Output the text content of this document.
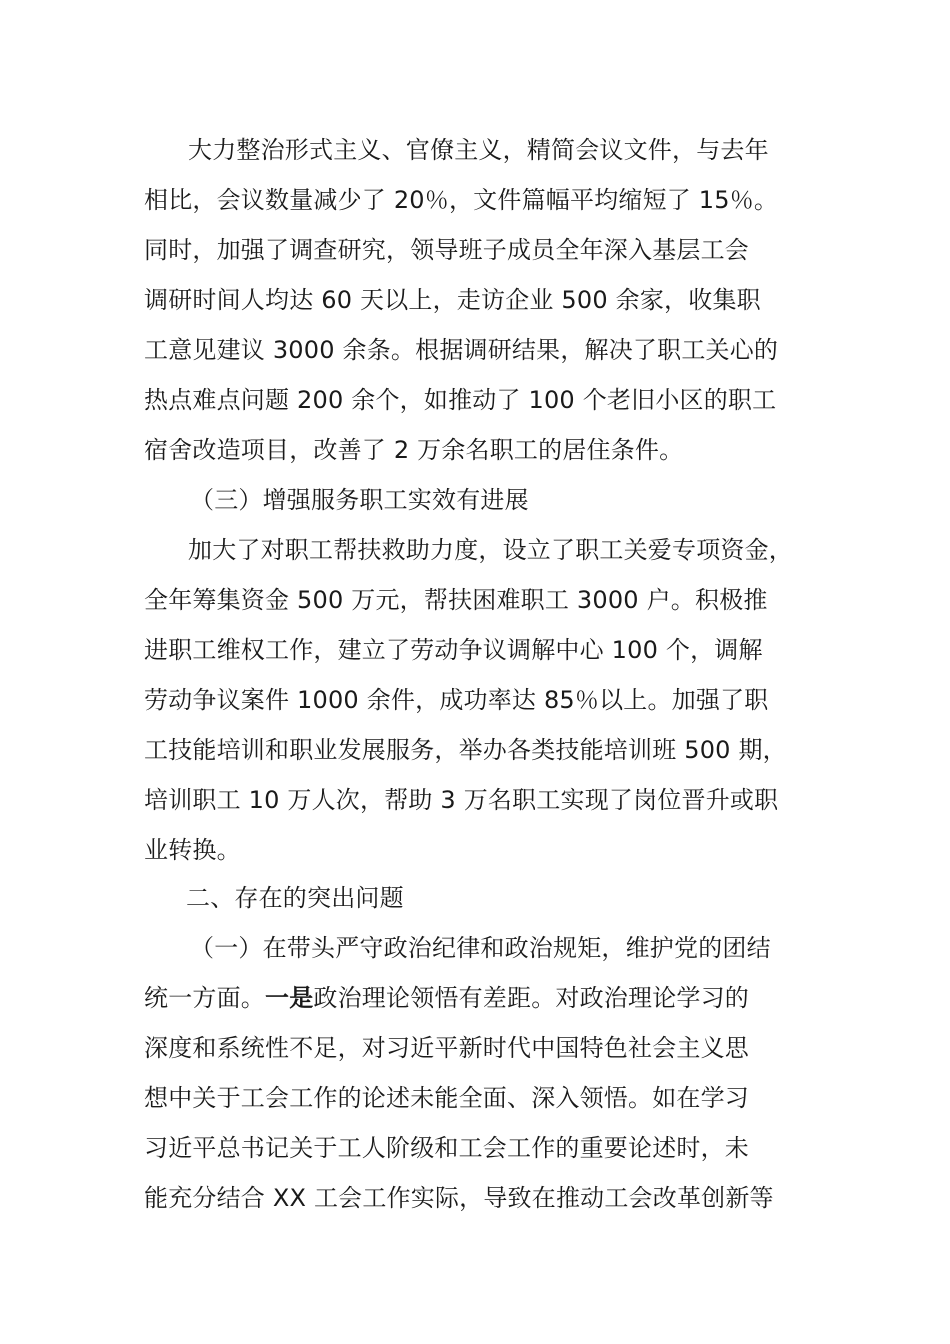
大力整治形式主义、官僚主义，精简会议文件，与去年
相比，会议数量减少了 20％，文件篇幅平均缩短了 15％。
同时，加强了调查研究，领导班子成员全年深入基层工会
调研时间人均达 60 天以上，走访企业 500 余家，收集职
工意见建议 3000 余条。根据调研结果，解决了职工关心的
热点难点问题 200 余个，如推动了 100 个老旧小区的职工
宿舍改造项目，改善了 2 万余名职工的居住条件。
（三）增强服务职工实效有进展
加大了对职工帮扶救助力度，设立了职工关爱专项资金，
全年筹集资金 500 万元，帮扶困难职工 3000 户。积极推
进职工维权工作，建立了劳动争议调解中心 100 个，调解
劳动争议案件 1000 余件，成功率达 85％以上。加强了职
工技能培训和职业发展服务，举办各类技能培训班 500 期，
培训职工 10 万人次，帮助 3 万名职工实现了岗位晋升或职
业转换。
二、存在的突出问题
（一）在带头严守政治纪律和政治规矩，维护党的团结
统一方面。一是政治理论领悟有差距。对政治理论学习的
深度和系统性不足，对习近平新时代中国特色社会主义思
想中关于工会工作的论述未能全面、深入领悟。如在学习
习近平总书记关于工人阶级和工会工作的重要论述时，未
能充分结合 XX 工会工作实际，导致在推动工会改革创新等
